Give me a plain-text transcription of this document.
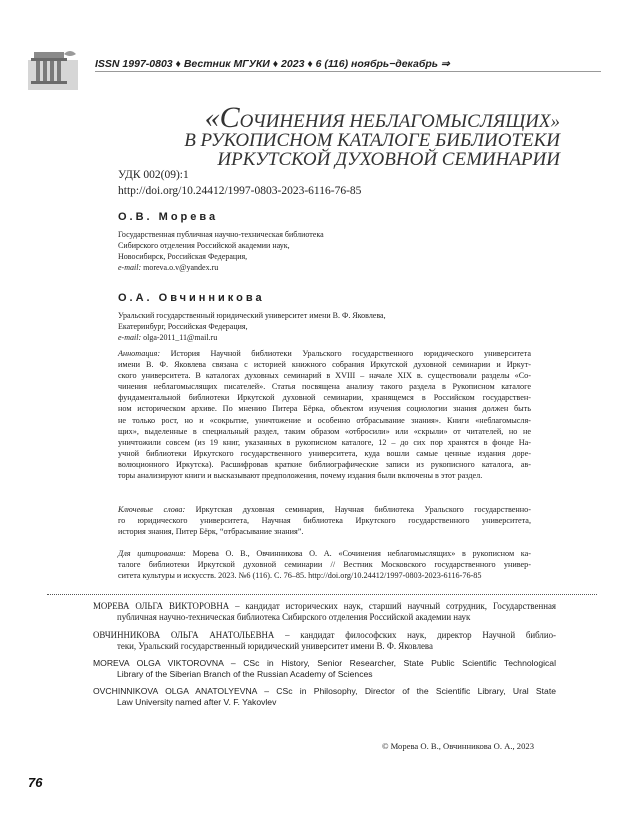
ISSN 1997-0803 ♦ Вестник МГУКИ ♦ 2023 ♦ 6 (116) ноябрь−декабрь ⇒
«СОЧИНЕНИЯ НЕБЛАГОМЫСЛЯЩИХ»
В РУКОПИСНОМ КАТАЛОГЕ БИБЛИОТЕКИ
ИРКУТСКОЙ ДУХОВНОЙ СЕМИНАРИИ
УДК 002(09):1
http://doi.org/10.24412/1997-0803-2023-6116-76-85
О.В. Морева
Государственная публичная научно-техническая библиотека
Сибирского отделения Российской академии наук,
Новосибирск, Российская Федерация,
e-mail: moreva.o.v@yandex.ru
О.А. Овчинникова
Уральский государственный юридический университет имени В. Ф. Яковлева,
Екатеринбург, Российская Федерация,
e-mail: olga-2011_11@mail.ru
Аннотация: История Научной библиотеки Уральского государственного юридического университета
имени В. Ф. Яковлева связана с историей книжного собрания Иркутской духовной семинарии и Иркут-
ского университета. В каталогах духовных семинарий в XVIII – начале XIX в. существовали разделы «Со-
чинения неблагомыслящих писателей». Статья посвящена анализу такого раздела в Рукописном каталоге
фундаментальной библиотеки Иркутской духовной семинарии, хранящемся в Российском государствен-
ном историческом архиве. По мнению Питера Бёрка, объектом изучения социологии знания должен быть
не только рост, но и «сокрытие, уничтожение и особенно отбрасывание знания». Книги «неблагомысля-
щих», выделенные в специальный раздел, таким образом «отбросили» или «скрыли» от читателей, но не
уничтожили совсем (из 19 книг, указанных в рукописном каталоге, 12 – до сих пор хранятся в фонде На-
учной библиотеки Иркутского государственного университета, куда вошли самые ценные издания доре-
волюционного Иркутска). Расшифровав краткие библиографические записи из рукописного каталога, ав-
торы анализируют книги и высказывают предположения, почему издания были включены в этот раздел.
Ключевые слова: Иркутская духовная семинария, Научная библиотека Уральского государственно-
го юридического университета, Научная библиотека Иркутского государственного университета,
история знания, Питер Бёрк, “отбрасывание знания”.
Для цитирования: Морева О. В., Овчинникова О. А. «Сочинения неблагомыслящих» в рукописном ка-
талоге библиотеки Иркутской духовной семинарии // Вестник Московского государственного универ-
ситета культуры и искусств. 2023. №6 (116). С. 76–85. http://doi.org/10.24412/1997-0803-2023-6116-76-85
МОРЕВА ОЛЬГА ВИКТОРОВНА – кандидат исторических наук, старший научный сотрудник, Государственная
публичная научно-техническая библиотека Сибирского отделения Российской академии наук
ОВЧИННИКОВА ОЛЬГА АНАТОЛЬЕВНА – кандидат философских наук, директор Научной библио-
теки, Уральский государственный юридический университет имени В. Ф. Яковлева
MOREVA OLGA VIKTOROVNA – CSc in History, Senior Researcher, State Public Scientific Technological
Library of the Siberian Branch of the Russian Academy of Sciences
OVCHINNIKOVA OLGA ANATOLYEVNA – CSc in Philosophy, Director of the Scientific Library, Ural State
Law University named after V. F. Yakovlev
© Морева О. В., Овчинникова О. А., 2023
76
